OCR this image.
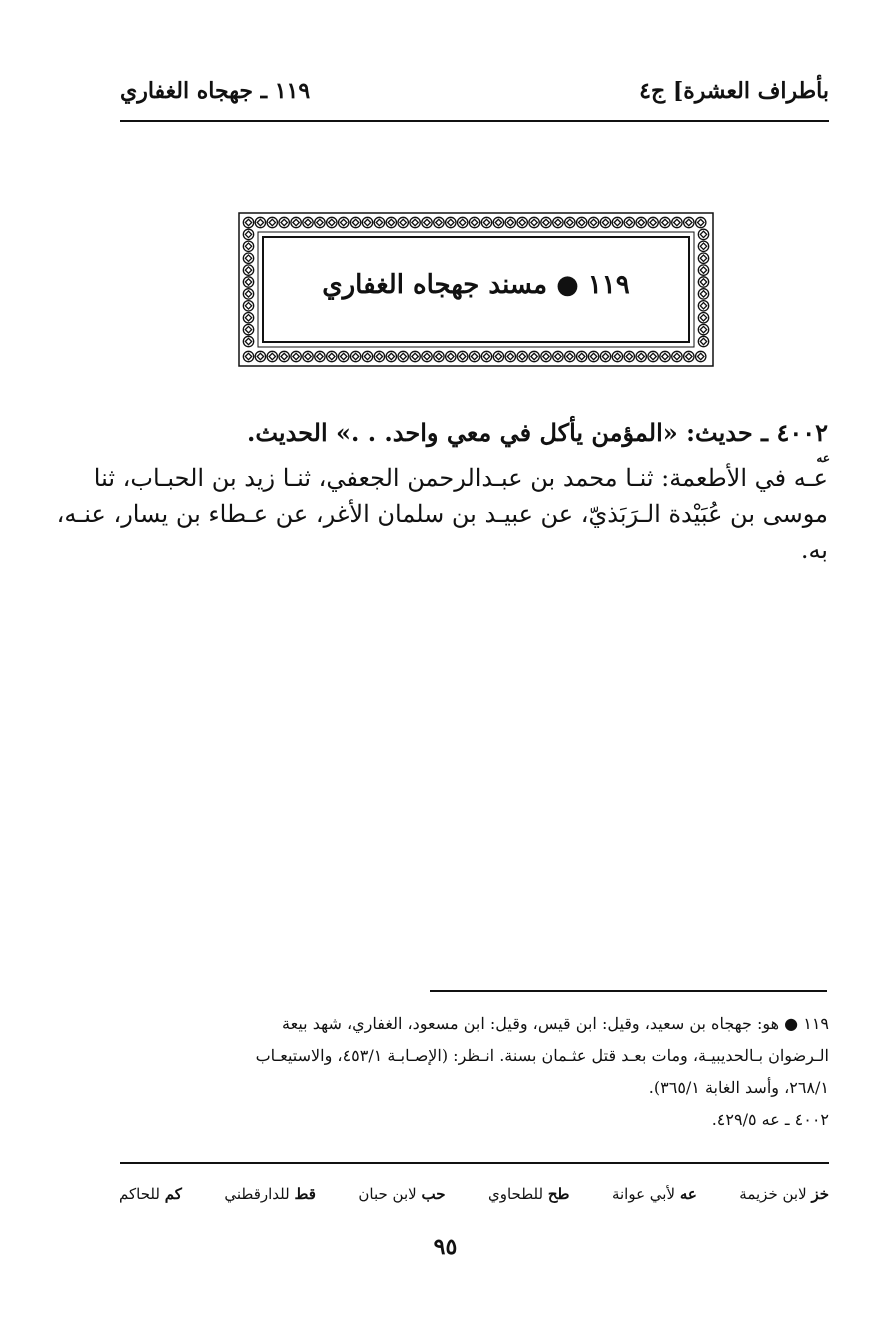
بأطراف العشرة] ج٤
١١٩ ـ جهجاه الغفاري
١١٩ ● مسند جهجاه الغفاري
٤٠٠٢ ـ حديث: «المؤمن يأكل في معي واحد. . .» الحديث.
عه
عـه في الأطعمة: ثنـا محمد بن عبـدالرحمن الجعفي، ثنـا زيد بن الحبـاب، ثنا
موسى بن عُبَيْدة الـرَبَذيّ، عن عبيـد بن سلمان الأغر، عن عـطاء بن يسار، عنـه،
به.
١١٩ ● هو: جهجاه بن سعيد، وقيل: ابن قيس، وقيل: ابن مسعود، الغفاري، شهد بيعة
الـرضوان بـالحديبيـة، ومات بعـد قتل عثـمان بسنة. انـظر: (الإصـابـة ٤٥٣/١، والاستيعـاب
٢٦٨/١، وأسد الغابة ٣٦٥/١).
٤٠٠٢ ـ عه ٤٢٩/٥.
خز لابن خزيمة
عه لأبي عوانة
طح للطحاوي
حب لابن حبان
قط للدارقطني
كم للحاكم
٩٥
